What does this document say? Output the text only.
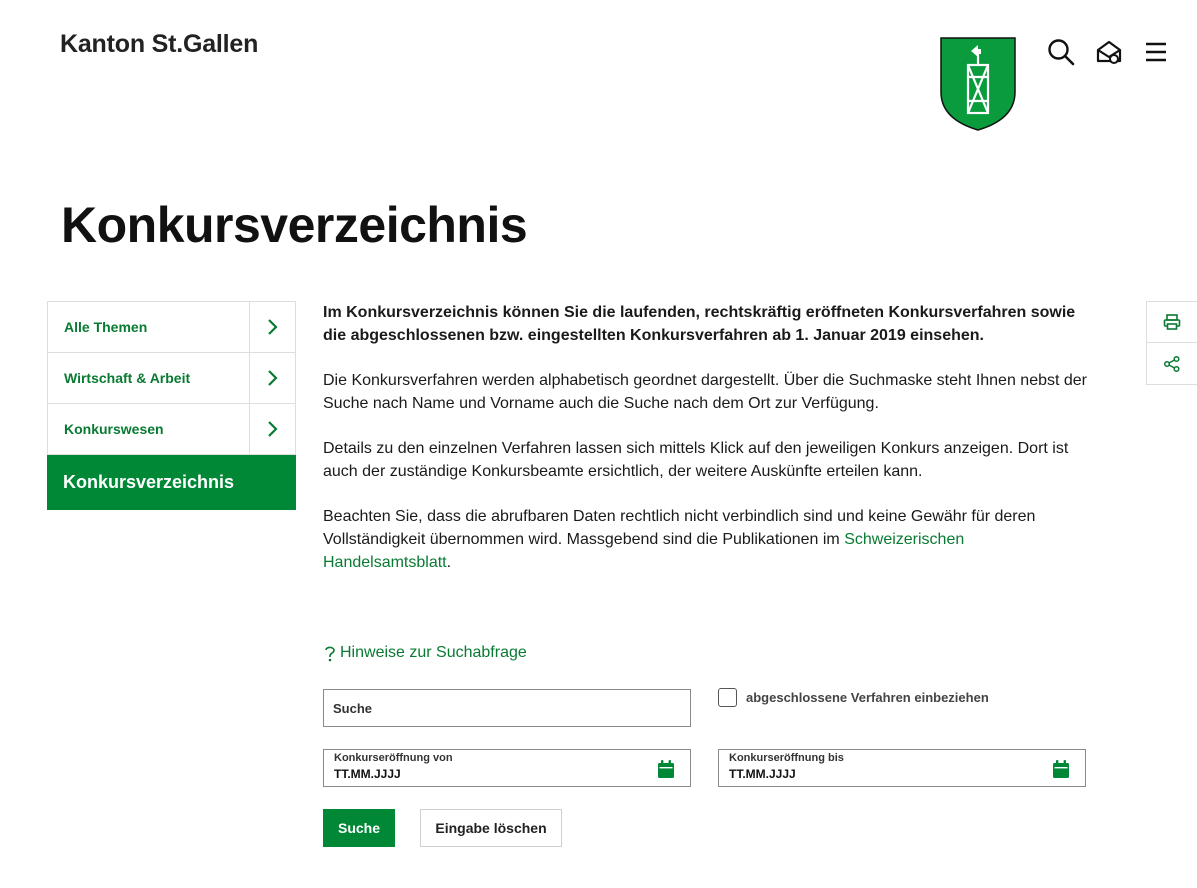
Kanton St.Gallen
Konkursverzeichnis
Alle Themen
Wirtschaft & Arbeit
Konkurswesen
Konkursverzeichnis

Im Konkursverzeichnis können Sie die laufenden, rechtskräftig eröffneten Konkursverfahren sowie die abgeschlossenen bzw. eingestellten Konkursverfahren ab 1. Januar 2019 einsehen.

Die Konkursverfahren werden alphabetisch geordnet dargestellt. Über die Suchmaske steht Ihnen nebst der Suche nach Name und Vorname auch die Suche nach dem Ort zur Verfügung.

Details zu den einzelnen Verfahren lassen sich mittels Klick auf den jeweiligen Konkurs anzeigen. Dort ist auch der zuständige Konkursbeamte ersichtlich, der weitere Auskünfte erteilen kann.

Beachten Sie, dass die abrufbaren Daten rechtlich nicht verbindlich sind und keine Gewähr für deren Vollständigkeit übernommen wird. Massgebend sind die Publikationen im Schweizerischen Handelsamtsblatt.

Hinweise zur Suchabfrage
Suche
abgeschlossene Verfahren einbeziehen
Konkurseröffnung von
TT.MM.JJJJ
Konkurseröffnung bis
TT.MM.JJJJ
Suche	Eingabe löschen
